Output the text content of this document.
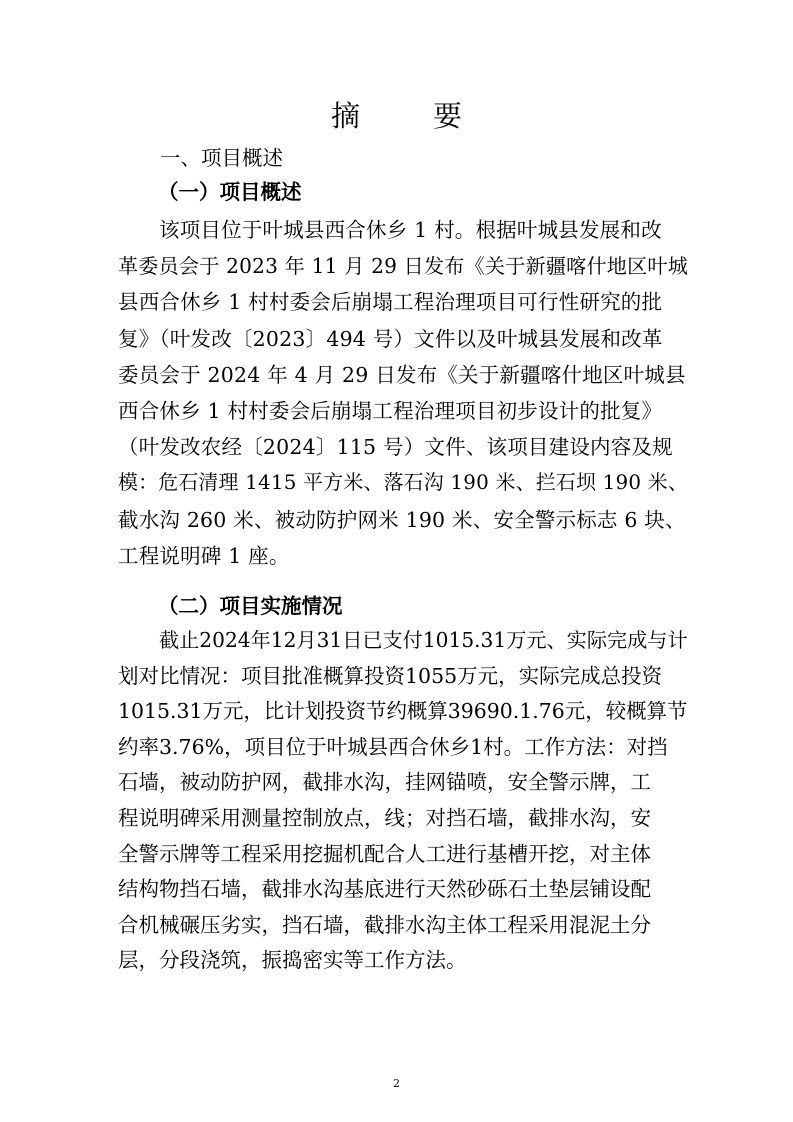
摘　要
一、项目概述
（一）项目概述
该项目位于叶城县西合休乡 1 村。根据叶城县发展和改
革委员会于 2023 年 11 月 29 日发布《关于新疆喀什地区叶城
县西合休乡 1 村村委会后崩塌工程治理项目可行性研究的批
复》（叶发改〔2023〕494 号）文件以及叶城县发展和改革
委员会于 2024 年 4 月 29 日发布《关于新疆喀什地区叶城县
西合休乡 1 村村委会后崩塌工程治理项目初步设计的批复》
（叶发改农经〔2024〕115 号）文件、该项目建设内容及规
模：危石清理 1415 平方米、落石沟 190 米、拦石坝 190 米、
截水沟 260 米、被动防护网米 190 米、安全警示标志 6 块、
工程说明碑 1 座。
（二）项目实施情况
截止2024年12月31日已支付1015.31万元、实际完成与计
划对比情况：项目批准概算投资1055万元，实际完成总投资
1015.31万元，比计划投资节约概算39690.1.76元，较概算节
约率3.76%，项目位于叶城县西合休乡1村。工作方法：对挡
石墙，被动防护网，截排水沟，挂网锚喷，安全警示牌，工
程说明碑采用测量控制放点，线；对挡石墙，截排水沟，安
全警示牌等工程采用挖掘机配合人工进行基槽开挖，对主体
结构物挡石墙，截排水沟基底进行天然砂砾石土垫层铺设配
合机械碾压劣实，挡石墙，截排水沟主体工程采用混泥土分
层，分段浇筑，振捣密实等工作方法。
2
